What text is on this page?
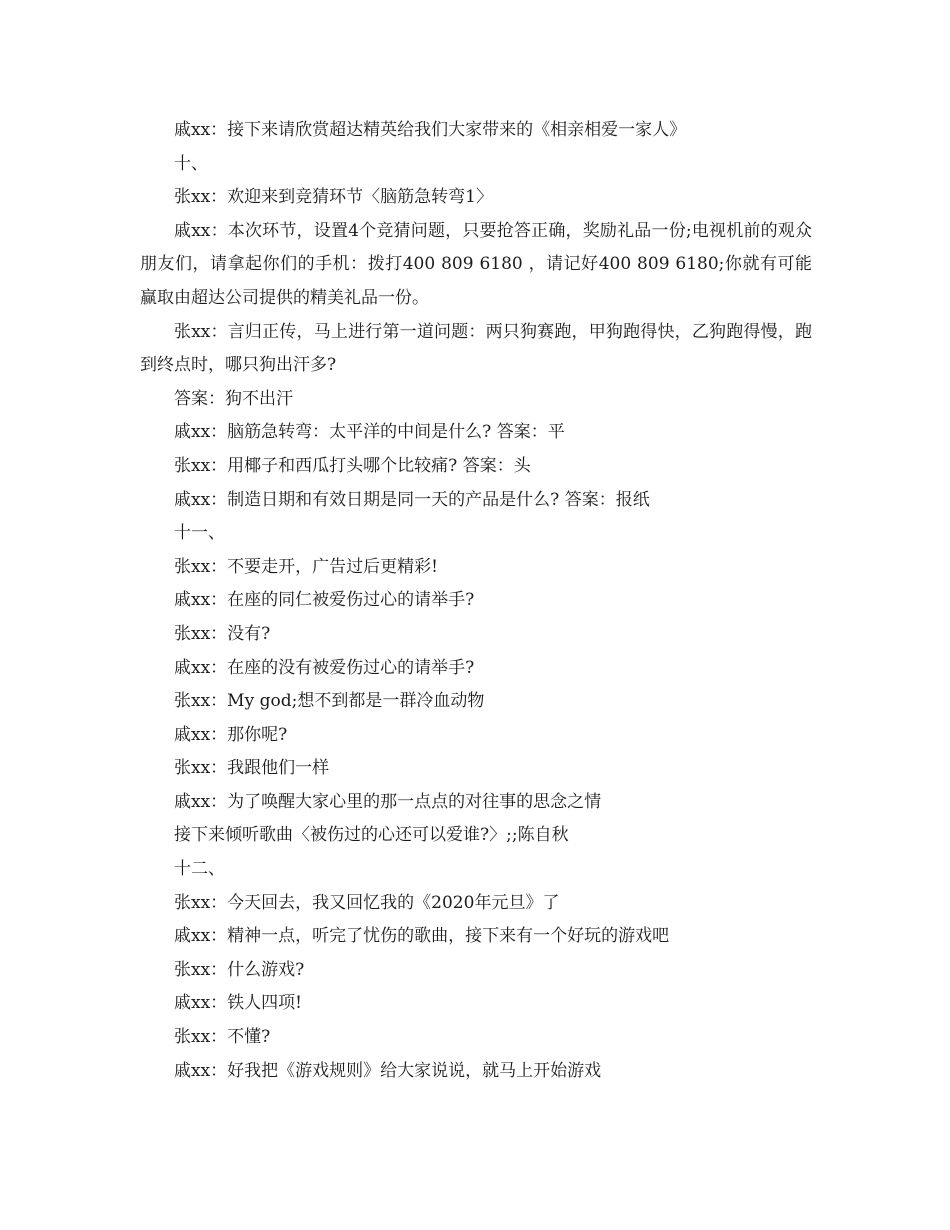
戚xx：接下来请欣赏超达精英给我们大家带来的《相亲相爱一家人》

十、

张xx：欢迎来到竞猜环节〈脑筋急转弯1〉

戚xx：本次环节，设置4个竞猜问题，只要抢答正确，奖励礼品一份;电视机前的观众朋友们，请拿起你们的手机：拨打400 809 6180 ，请记好400 809 6180;你就有可能赢取由超达公司提供的精美礼品一份。

张xx：言归正传，马上进行第一道问题：两只狗赛跑，甲狗跑得快，乙狗跑得慢，跑到终点时，哪只狗出汗多?

答案：狗不出汗

戚xx：脑筋急转弯：太平洋的中间是什么? 答案：平

张xx：用椰子和西瓜打头哪个比较痛? 答案：头

戚xx：制造日期和有效日期是同一天的产品是什么? 答案：报纸

十一、

张xx：不要走开，广告过后更精彩!

戚xx：在座的同仁被爱伤过心的请举手?

张xx：没有?

戚xx：在座的没有被爱伤过心的请举手?

张xx：My god;想不到都是一群冷血动物

戚xx：那你呢?

张xx：我跟他们一样

戚xx：为了唤醒大家心里的那一点点的对往事的思念之情

接下来倾听歌曲〈被伤过的心还可以爱谁?〉;;陈自秋

十二、

张xx：今天回去，我又回忆我的《2020年元旦》了

戚xx：精神一点，听完了忧伤的歌曲，接下来有一个好玩的游戏吧

张xx：什么游戏?

戚xx：铁人四项!

张xx：不懂?

戚xx：好我把《游戏规则》给大家说说，就马上开始游戏
